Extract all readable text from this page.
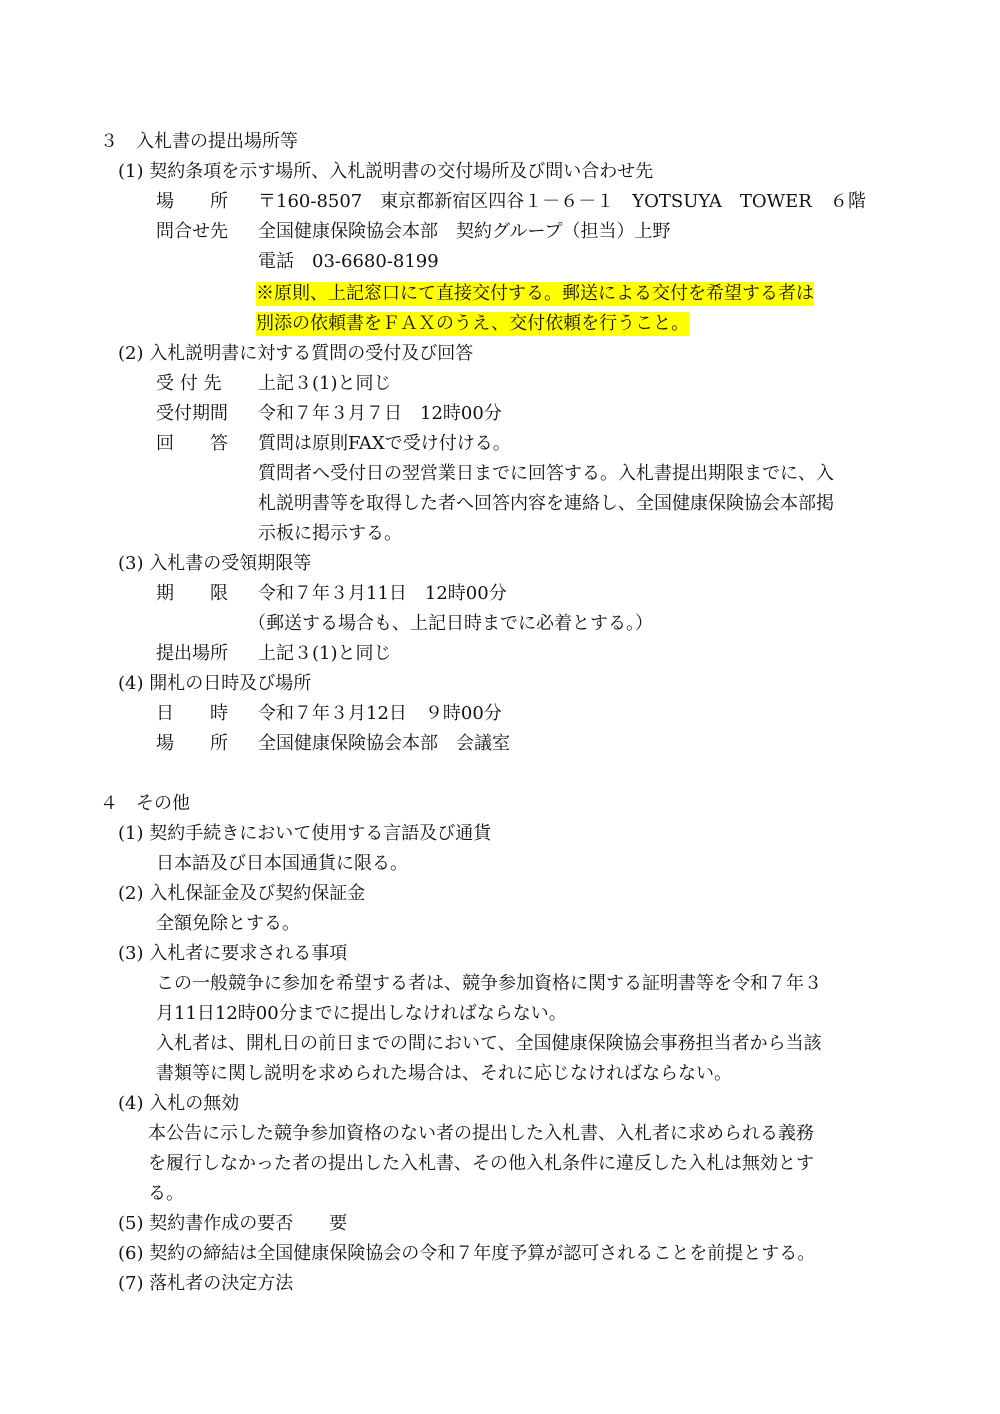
３　入札書の提出場所等
(1) 契約条項を示す場所、入札説明書の交付場所及び問い合わせ先
場　　所 〒160-8507　東京都新宿区四谷１－６－１　YOTSUYA　TOWER　６階
問合せ先 全国健康保険協会本部　契約グループ（担当）上野
電話　03-6680-8199
※原則、上記窓口にて直接交付する。郵送による交付を希望する者は
別添の依頼書をＦＡＸのうえ、交付依頼を行うこと。
(2) 入札説明書に対する質問の受付及び回答
受 付 先 上記３(1)と同じ
受付期間 令和７年３月７日　12時00分
回　　答 質問は原則FAXで受け付ける。
質問者へ受付日の翌営業日までに回答する。入札書提出期限までに、入
札説明書等を取得した者へ回答内容を連絡し、全国健康保険協会本部掲
示板に掲示する。
(3) 入札書の受領期限等
期　　限 令和７年３月11日　12時00分
（郵送する場合も、上記日時までに必着とする。）
提出場所 上記３(1)と同じ
(4) 開札の日時及び場所
日　　時 令和７年３月12日　９時00分
場　　所 全国健康保険協会本部　会議室
４　その他
(1) 契約手続きにおいて使用する言語及び通貨
日本語及び日本国通貨に限る。
(2) 入札保証金及び契約保証金
全額免除とする。
(3) 入札者に要求される事項
この一般競争に参加を希望する者は、競争参加資格に関する証明書等を令和７年３
月11日12時00分までに提出しなければならない。
入札者は、開札日の前日までの間において、全国健康保険協会事務担当者から当該
書類等に関し説明を求められた場合は、それに応じなければならない。
(4) 入札の無効
本公告に示した競争参加資格のない者の提出した入札書、入札者に求められる義務
を履行しなかった者の提出した入札書、その他入札条件に違反した入札は無効とす
る。
(5) 契約書作成の要否　　要
(6) 契約の締結は全国健康保険協会の令和７年度予算が認可されることを前提とする。
(7) 落札者の決定方法
